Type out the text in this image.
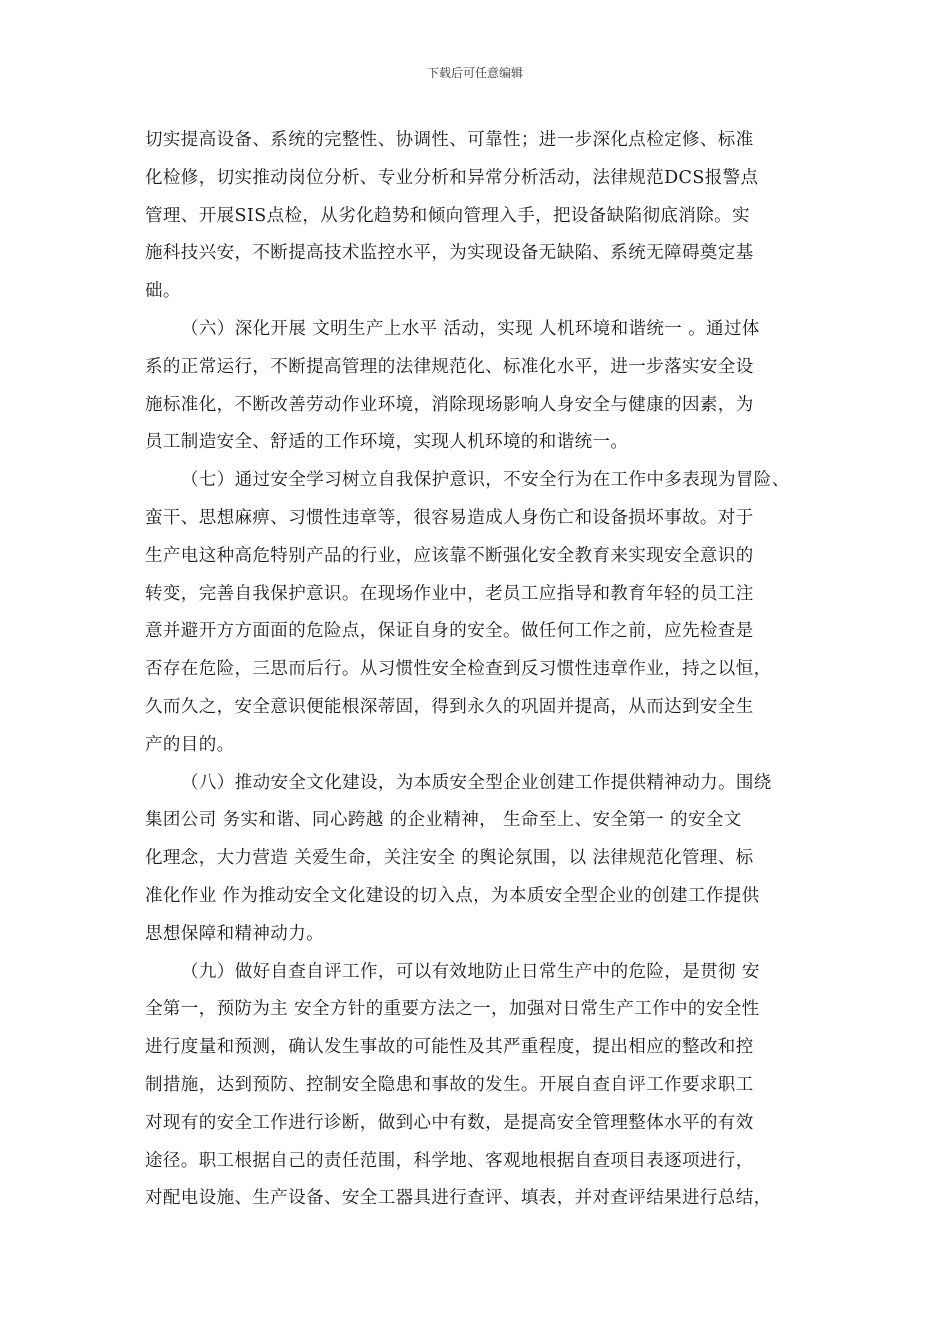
下载后可任意编辑
切实提高设备、系统的完整性、协调性、可靠性；进一步深化点检定修、标准
化检修，切实推动岗位分析、专业分析和异常分析活动，法律规范DCS报警点
管理、开展SIS点检，从劣化趋势和倾向管理入手，把设备缺陷彻底消除。实
施科技兴安，不断提高技术监控水平，为实现设备无缺陷、系统无障碍奠定基
础。
（六）深化开展 文明生产上水平 活动，实现 人机环境和谐统一 。通过体
系的正常运行，不断提高管理的法律规范化、标准化水平，进一步落实安全设
施标准化，不断改善劳动作业环境，消除现场影响人身安全与健康的因素，为
员工制造安全、舒适的工作环境，实现人机环境的和谐统一。
（七）通过安全学习树立自我保护意识，不安全行为在工作中多表现为冒险、
蛮干、思想麻痹、习惯性违章等，很容易造成人身伤亡和设备损坏事故。对于
生产电这种高危特别产品的行业，应该靠不断强化安全教育来实现安全意识的
转变，完善自我保护意识。在现场作业中，老员工应指导和教育年轻的员工注
意并避开方方面面的危险点，保证自身的安全。做任何工作之前，应先检查是
否存在危险，三思而后行。从习惯性安全检查到反习惯性违章作业，持之以恒，
久而久之，安全意识便能根深蒂固，得到永久的巩固并提高，从而达到安全生
产的目的。
（八）推动安全文化建设，为本质安全型企业创建工作提供精神动力。围绕
集团公司 务实和谐、同心跨越 的企业精神， 生命至上、安全第一 的安全文
化理念，大力营造 关爱生命，关注安全 的舆论氛围，以 法律规范化管理、标
准化作业 作为推动安全文化建设的切入点，为本质安全型企业的创建工作提供
思想保障和精神动力。
（九）做好自查自评工作，可以有效地防止日常生产中的危险，是贯彻 安
全第一，预防为主 安全方针的重要方法之一，加强对日常生产工作中的安全性
进行度量和预测，确认发生事故的可能性及其严重程度，提出相应的整改和控
制措施，达到预防、控制安全隐患和事故的发生。开展自查自评工作要求职工
对现有的安全工作进行诊断，做到心中有数，是提高安全管理整体水平的有效
途径。职工根据自己的责任范围，科学地、客观地根据自查项目表逐项进行，
对配电设施、生产设备、安全工器具进行查评、填表，并对查评结果进行总结，
